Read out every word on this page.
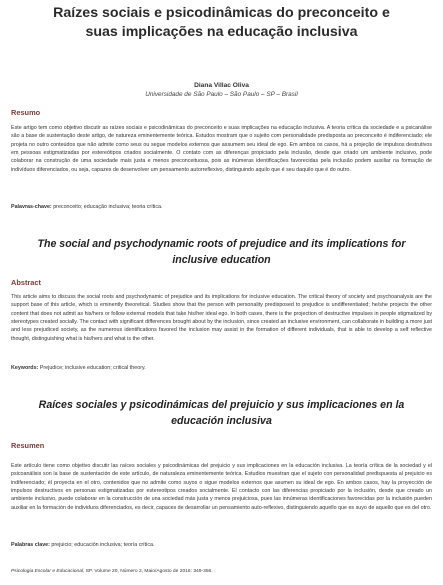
Raízes sociais e psicodinâmicas do preconceito e
suas implicações na educação inclusiva
Diana Villac Oliva
Universidade de São Paulo – São Paulo – SP – Brasil
Resumo

Este artigo tem como objetivo discutir as raízes sociais e psicodinâmicas do preconceito e suas implicações na educação inclusiva. A teoria crítica da sociedade e a psicanálise são a base de sustentação deste artigo, de natureza eminentemente teórica. Estudos mostram que o sujeito com personalidade predisposta ao preconceito é indiferenciado; ele projeta no outro conteúdos que não admite como seus ou segue modelos externos que assumem seu ideal de ego. Em ambos os casos, há a projeção de impulsos destrutivos em pessoas estigmatizadas por estereótipos criados socialmente. O contato com as diferenças propiciado pela inclusão, desde que criado um ambiente inclusivo, pode colaborar na construção de uma sociedade mais justa e menos preconceituosa, pois as inúmeras identificações favorecidas pela inclusão podem auxiliar na formação de indivíduos diferenciados, ou seja, capazes de desenvolver um pensamento autorreflexivo, distinguindo aquilo que é seu daquilo que é do outro.

Palavras-chave: preconceito; educação inclusiva; teoria crítica.
The social and psychodynamic roots of prejudice and its implications for
inclusive education
Abstract

This article aims to discuss the social roots and psychodynamic of prejudice and its implications for inclusive education. The critical theory of society and psychoanalysis are the support base of this article, which is eminently theoretical. Studies show that the person with personality predisposed to prejudice is undifferentiated; he/she projects the other content that does not admit as his/hers or follow external models that take his/her ideal ego. In both cases, there is the projection of destructive impulses in people stigmatized by stereotypes created socially. The contact with significant differences brought about by the inclusion, since created an inclusive environment, can collaborate in building a more just and less prejudiced society, as the numerous identifications favored the inclusion may assist in the formation of different individuals, that is able to develop a self reflective thought, distinguishing what is his/hers and what is the other.

Keywords: Prejudice; inclusive education; critical theory.
Raíces sociales y psicodinámicas del prejuicio y sus implicaciones en la
educación inclusiva
Resumen

Este artículo tiene como objetivo discutir las raíces sociales y psicodinámicas del prejuicio y sus implicaciones en la educación inclusiva. La teoría crítica de la sociedad y el psicoanálisis son la base de sustentación de este artículo, de naturaleza eminentemente teórica. Estudios muestran que el sujeto con personalidad predispuesta al prejuicio es indiferenciado; él proyecta en el otro, contenidos que no admite como suyos o sigue modelos externos que asumen su ideal de ego. En ambos casos, hay la proyección de impulsos destructivos en personas estigmatizadas por estereotipos creados socialmente. El contacto con las diferencias propiciado por la inclusión, desde que creado un ambiente inclusivo, puede colaborar en la construcción de una sociedad más justa y menos prejuiciosa, pues las innúmeras identificaciones favorecidas por la inclusión pueden auxiliar en la formación de individuos diferenciados, es decir, capaces de desarrollar un pensamiento auto-reflexivo, distinguiendo aquello que es suyo de aquello que es del otro.

Palabras clave: prejuicio; educación inclusiva; teoría crítica.
Psicologia Escolar e Educacional, SP. Volume 20, Número 2, Maio/Agosto de 2016: 349-356.
